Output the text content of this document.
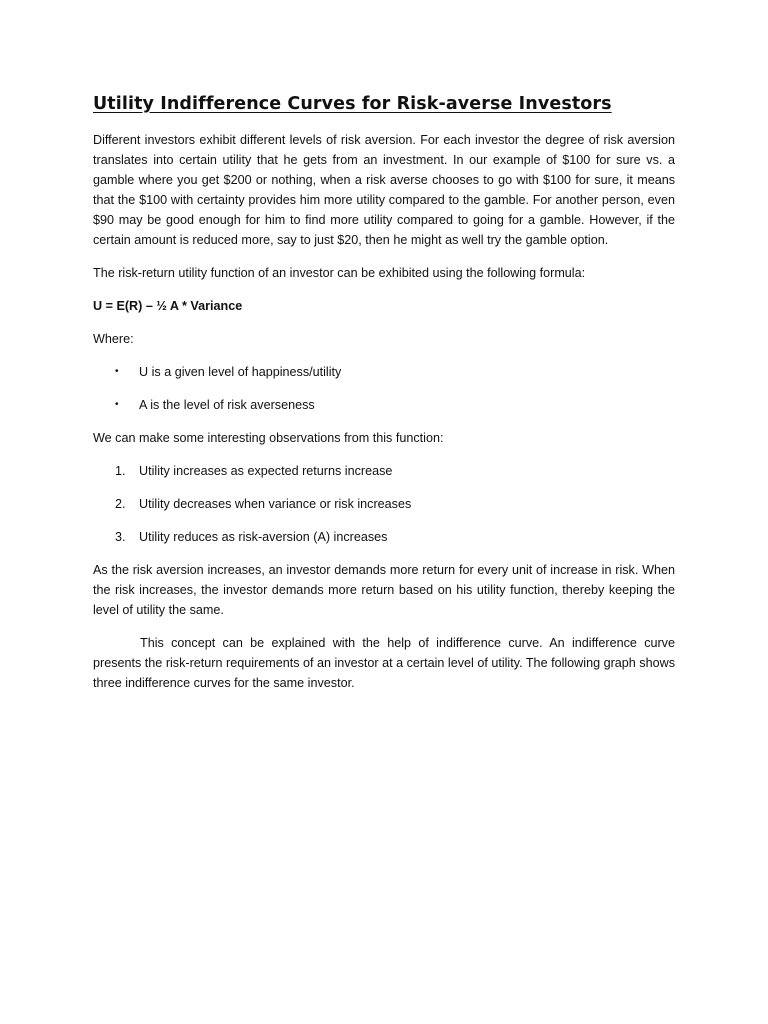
Utility Indifference Curves for Risk-averse Investors

Different investors exhibit different levels of risk aversion. For each investor the degree of risk aversion translates into certain utility that he gets from an investment. In our example of $100 for sure vs. a gamble where you get $200 or nothing, when a risk averse chooses to go with $100 for sure, it means that the $100 with certainty provides him more utility compared to the gamble. For another person, even $90 may be good enough for him to find more utility compared to going for a gamble. However, if the certain amount is reduced more, say to just $20, then he might as well try the gamble option.

The risk-return utility function of an investor can be exhibited using the following formula:

U = E(R) – ½ A * Variance

Where:

• U is a given level of happiness/utility
• A is the level of risk averseness

We can make some interesting observations from this function:

1. Utility increases as expected returns increase
2. Utility decreases when variance or risk increases
3. Utility reduces as risk-aversion (A) increases

As the risk aversion increases, an investor demands more return for every unit of increase in risk. When the risk increases, the investor demands more return based on his utility function, thereby keeping the level of utility the same.

This concept can be explained with the help of indifference curve. An indifference curve presents the risk-return requirements of an investor at a certain level of utility. The following graph shows three indifference curves for the same investor.
